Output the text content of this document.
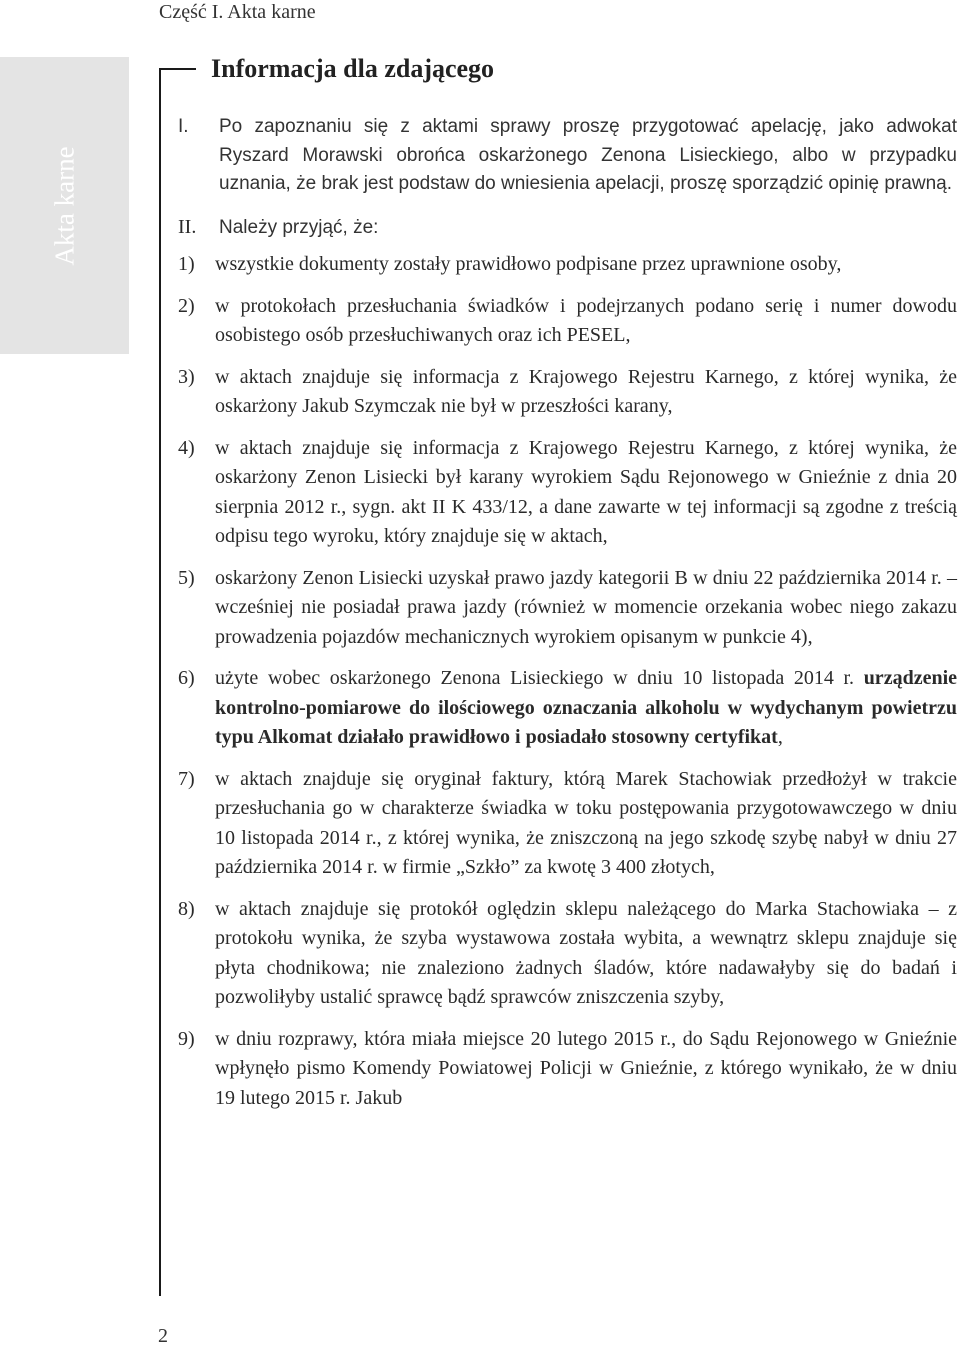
Część I. Akta karne
Akta karne
Informacja dla zdającego
I. Po zapoznaniu się z aktami sprawy proszę przygotować apelację, jako adwokat Ryszard Morawski obrońca oskarżonego Zenona Lisieckiego, albo w przypadku uznania, że brak jest podstaw do wniesienia apelacji, proszę sporządzić opinię prawną.
II. Należy przyjąć, że:
1) wszystkie dokumenty zostały prawidłowo podpisane przez uprawnione osoby,
2) w protokołach przesłuchania świadków i podejrzanych podano serię i numer dowodu osobistego osób przesłuchiwanych oraz ich PESEL,
3) w aktach znajduje się informacja z Krajowego Rejestru Karnego, z której wynika, że oskarżony Jakub Szymczak nie był w przeszłości karany,
4) w aktach znajduje się informacja z Krajowego Rejestru Karnego, z której wynika, że oskarżony Zenon Lisiecki był karany wyrokiem Sądu Rejonowego w Gnieźnie z dnia 20 sierpnia 2012 r., sygn. akt II K 433/12, a dane zawarte w tej informacji są zgodne z treścią odpisu tego wyroku, który znajduje się w aktach,
5) oskarżony Zenon Lisiecki uzyskał prawo jazdy kategorii B w dniu 22 października 2014 r. – wcześniej nie posiadał prawa jazdy (również w momencie orzekania wobec niego zakazu prowadzenia pojazdów mechanicznych wyrokiem opisanym w punkcie 4),
6) użyte wobec oskarżonego Zenona Lisieckiego w dniu 10 listopada 2014 r. urządzenie kontrolno-pomiarowe do ilościowego oznaczania alkoholu w wydychanym powietrzu typu Alkomat działało prawidłowo i posiadało stosowny certyfikat,
7) w aktach znajduje się oryginał faktury, którą Marek Stachowiak przedłożył w trakcie przesłuchania go w charakterze świadka w toku postępowania przygotowawczego w dniu 10 listopada 2014 r., z której wynika, że zniszczoną na jego szkodę szybę nabył w dniu 27 października 2014 r. w firmie „Szkło” za kwotę 3 400 złotych,
8) w aktach znajduje się protokół oględzin sklepu należącego do Marka Stachowiaka – z protokołu wynika, że szyba wystawowa została wybita, a wewnątrz sklepu znajduje się płyta chodnikowa; nie znaleziono żadnych śladów, które nadawałyby się do badań i pozwoliłyby ustalić sprawcę bądź sprawców zniszczenia szyby,
9) w dniu rozprawy, która miała miejsce 20 lutego 2015 r., do Sądu Rejonowego w Gnieźnie wpłynęło pismo Komendy Powiatowej Policji w Gnieźnie, z którego wynikało, że w dniu 19 lutego 2015 r. Jakub
2
